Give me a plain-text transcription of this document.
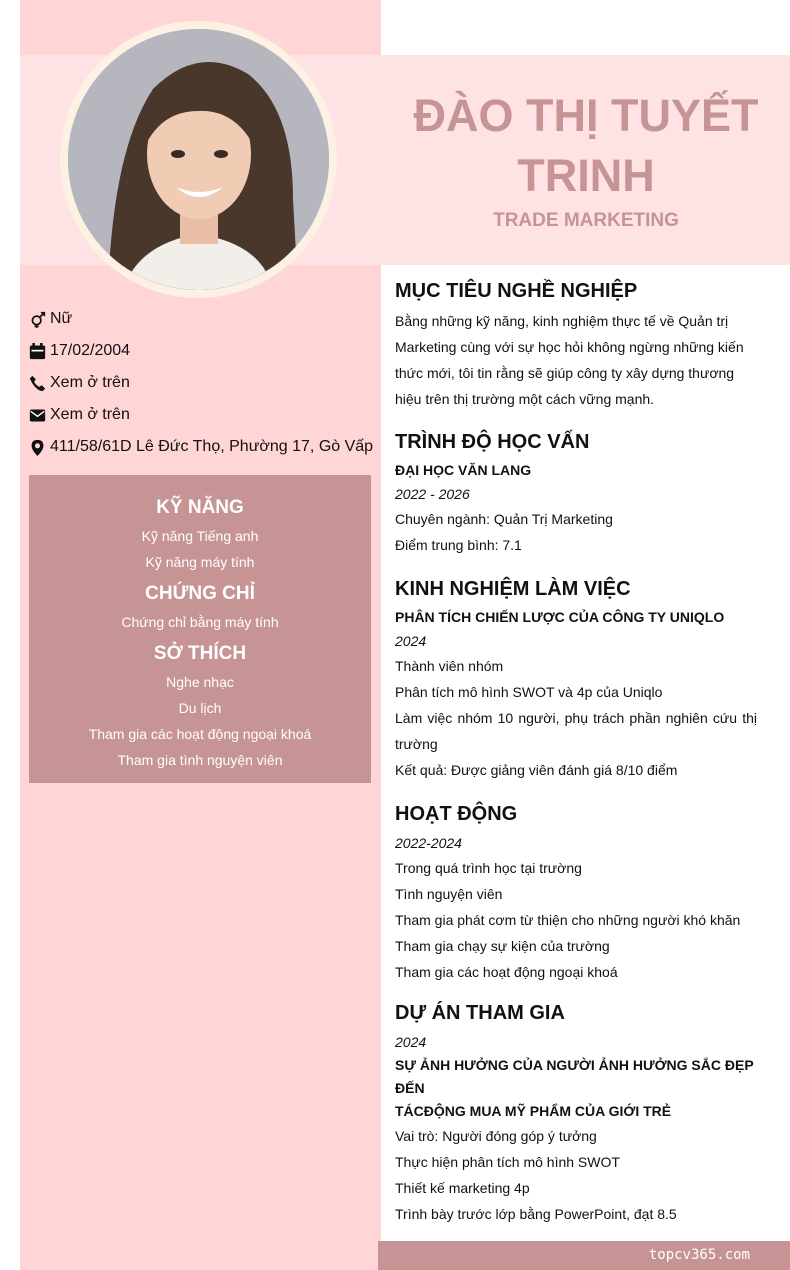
ĐÀO THỊ TUYẾT TRINH
TRADE MARKETING
Nữ
17/02/2004
Xem ở trên
Xem ở trên
411/58/61D Lê Đức Thọ, Phường 17, Gò Vấp
KỸ NĂNG
Kỹ năng Tiếng anh
Kỹ năng máy tính
CHỨNG CHỈ
Chứng chỉ bằng máy tính
SỞ THÍCH
Nghe nhạc
Du lịch
Tham gia các hoạt động ngoại khoá
Tham gia tình nguyện viên
MỤC TIÊU NGHỀ NGHIỆP
Bằng những kỹ năng, kinh nghiệm thực tế về Quản trị
Marketing cùng với sự học hỏi không ngừng những kiến
thức mới, tôi tin rằng sẽ giúp công ty xây dựng thương
hiệu trên thị trường một cách vững mạnh.
TRÌNH ĐỘ HỌC VẤN
ĐẠI HỌC VĂN LANG
2022 - 2026
Chuyên ngành: Quản Trị Marketing
Điểm trung bình: 7.1
KINH NGHIỆM LÀM VIỆC
PHÂN TÍCH CHIẾN LƯỢC CỦA CÔNG TY UNIQLO
2024
Thành viên nhóm
Phân tích mô hình SWOT và 4p của Uniqlo
Làm việc nhóm 10 người, phụ trách phần nghiên cứu thị
trường
Kết quả: Được giảng viên đánh giá 8/10 điểm
HOẠT ĐỘNG
2022-2024
Trong quá trình học tại trường
Tình nguyện viên
Tham gia phát cơm từ thiện cho những người khó khăn
Tham gia chạy sự kiện của trường
Tham gia các hoạt động ngoại khoá
DỰ ÁN THAM GIA
2024
SỰ ẢNH HƯỞNG CỦA NGƯỜI ẢNH HƯỞNG SẮC ĐẸP ĐẾN
TÁCĐỘNG MUA MỸ PHẨM CỦA GIỚI TRẺ
Vai trò: Người đóng góp ý tưởng
Thực hiện phân tích mô hình SWOT
Thiết kế marketing 4p
Trình bày trước lớp bằng PowerPoint, đạt 8.5
topcv365.com
